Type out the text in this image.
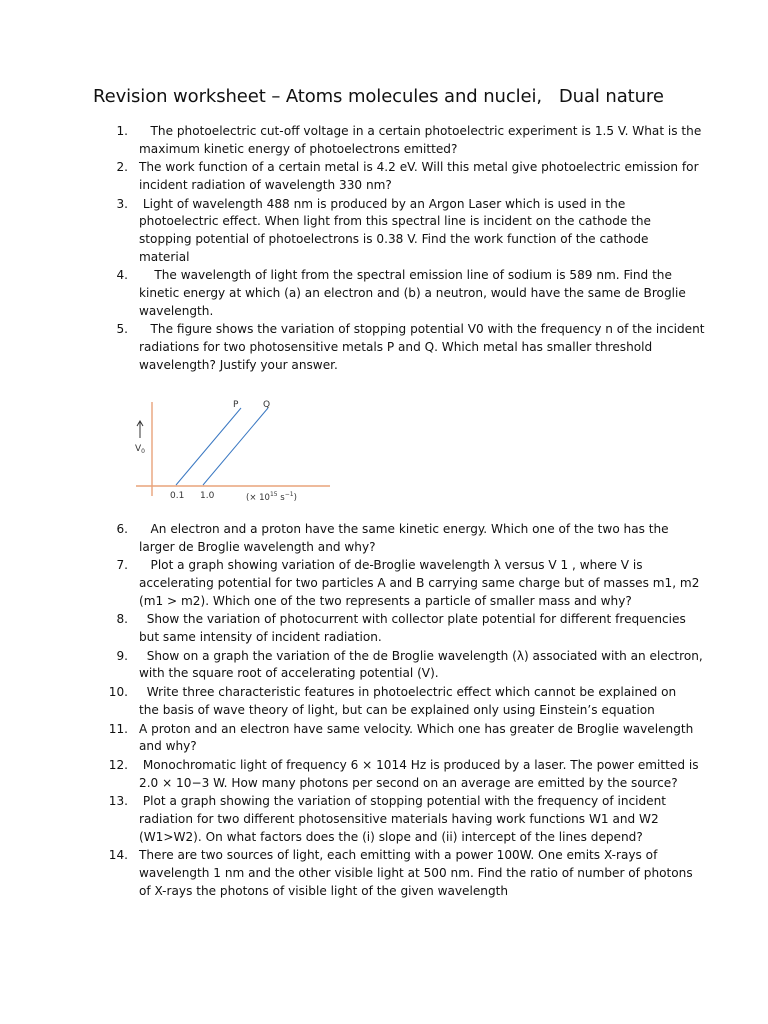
Revision worksheet – Atoms molecules and nuclei,   Dual nature
1. The photoelectric cut-off voltage in a certain photoelectric experiment is 1.5 V. What is the
maximum kinetic energy of photoelectrons emitted?
2. The work function of a certain metal is 4.2 eV. Will this metal give photoelectric emission for
incident radiation of wavelength 330 nm?
3. Light of wavelength 488 nm is produced by an Argon Laser which is used in the
photoelectric effect. When light from this spectral line is incident on the cathode the
stopping potential of photoelectrons is 0.38 V. Find the work function of the cathode
material
4. The wavelength of light from the spectral emission line of sodium is 589 nm. Find the
kinetic energy at which (a) an electron and (b) a neutron, would have the same de Broglie
wavelength.
5. The figure shows the variation of stopping potential V0 with the frequency n of the incident
radiations for two photosensitive metals P and Q. Which metal has smaller threshold
wavelength? Justify your answer.
P	Q
$V_0$
0.1 1.0	(× $10^{15}$ $s^{-1}$)
6. An electron and a proton have the same kinetic energy. Which one of the two has the
larger de Broglie wavelength and why?
7. Plot a graph showing variation of de-Broglie wavelength λ versus V 1 , where V is
accelerating potential for two particles A and B carrying same charge but of masses m1, m2
(m1 > m2). Which one of the two represents a particle of smaller mass and why?
8. Show the variation of photocurrent with collector plate potential for different frequencies
but same intensity of incident radiation.
9. Show on a graph the variation of the de Broglie wavelength (λ) associated with an electron,
with the square root of accelerating potential (V).
10. Write three characteristic features in photoelectric effect which cannot be explained on
the basis of wave theory of light, but can be explained only using Einstein’s equation
11. A proton and an electron have same velocity. Which one has greater de Broglie wavelength
and why?
12. Monochromatic light of frequency 6 × 1014 Hz is produced by a laser. The power emitted is
2.0 × 10−3 W. How many photons per second on an average are emitted by the source?
13. Plot a graph showing the variation of stopping potential with the frequency of incident
radiation for two different photosensitive materials having work functions W1 and W2
(W1>W2). On what factors does the (i) slope and (ii) intercept of the lines depend?
14. There are two sources of light, each emitting with a power 100W. One emits X-rays of
wavelength 1 nm and the other visible light at 500 nm. Find the ratio of number of photons
of X-rays the photons of visible light of the given wavelength
